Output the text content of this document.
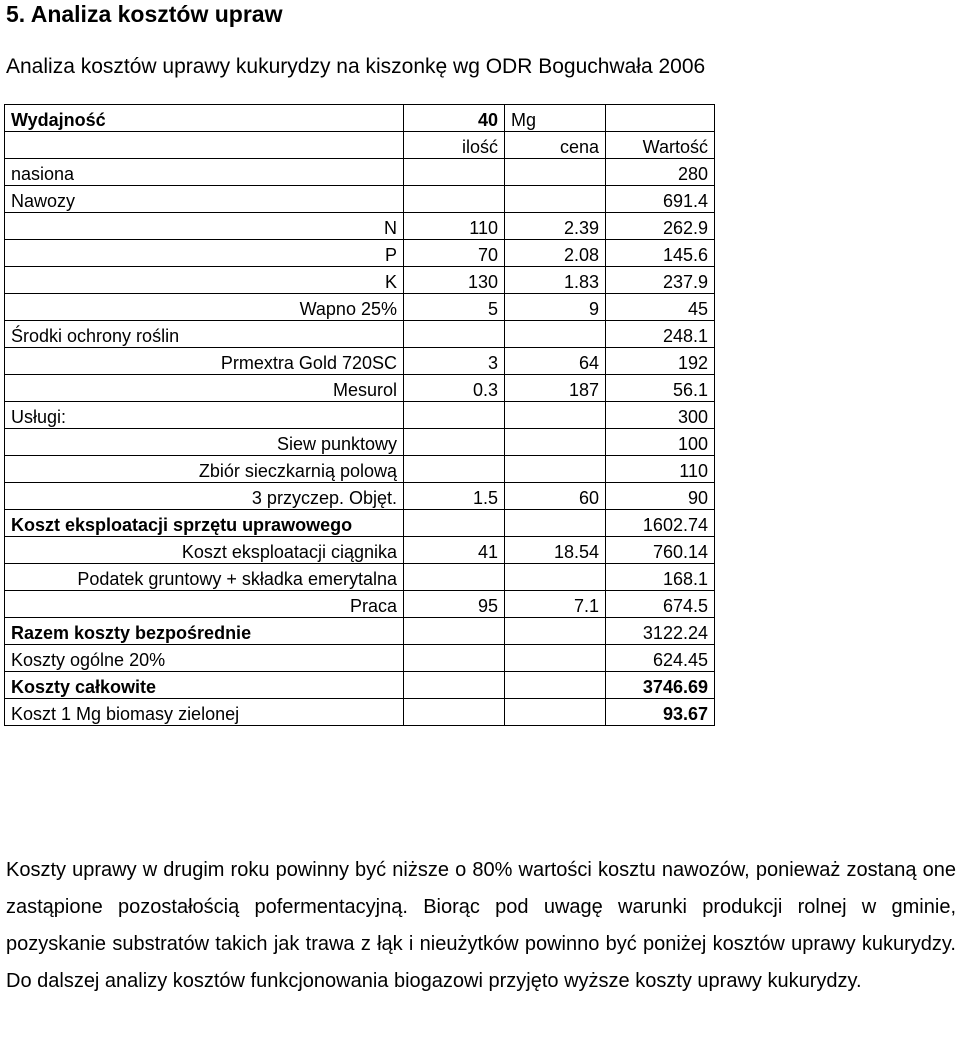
5. Analiza kosztów upraw
Analiza kosztów uprawy kukurydzy na kiszonkę wg ODR Boguchwała 2006
Wydajność	40	Mg	
	ilość	cena	Wartość
nasiona			280
Nawozy			691.4
N	110	2.39	262.9
P	70	2.08	145.6
K	130	1.83	237.9
Wapno 25%	5	9	45
Środki ochrony roślin			248.1
Prmextra Gold 720SC	3	64	192
Mesurol	0.3	187	56.1
Usługi:			300
Siew punktowy			100
Zbiór sieczkarnią polową			110
3 przyczep. Objęt.	1.5	60	90
Koszt eksploatacji sprzętu uprawowego			1602.74
Koszt eksploatacji ciągnika	41	18.54	760.14
Podatek gruntowy + składka emerytalna			168.1
Praca	95	7.1	674.5
Razem koszty bezpośrednie			3122.24
Koszty ogólne 20%			624.45
Koszty całkowite			3746.69
Koszt 1 Mg biomasy zielonej			93.67

Koszty uprawy w drugim roku powinny być niższe o 80% wartości kosztu nawozów, ponieważ zostaną one zastąpione pozostałością pofermentacyjną. Biorąc pod uwagę warunki produkcji rolnej w gminie, pozyskanie substratów takich jak trawa z łąk i nieużytków powinno być poniżej kosztów uprawy kukurydzy. Do dalszej analizy kosztów funkcjonowania biogazowi przyjęto wyższe koszty uprawy kukurydzy.
